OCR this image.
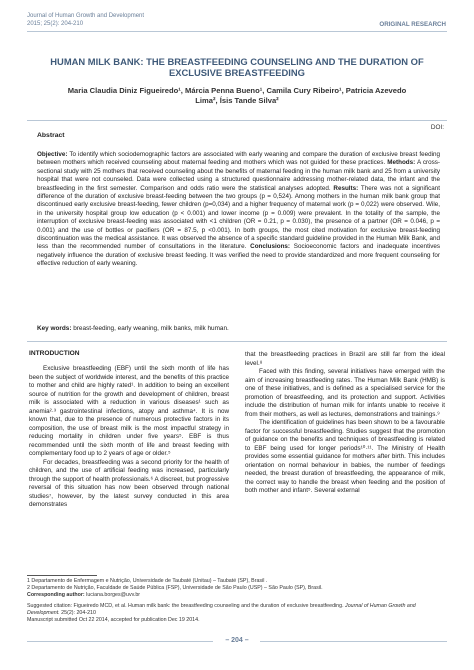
Journal of Human Growth and Development
2015; 25(2): 204-210	ORIGINAL RESEARCH
HUMAN MILK BANK: THE BREASTFEEDING COUNSELING AND THE DURATION OF EXCLUSIVE BREASTFEEDING
Maria Claudia Diniz Figueiredo¹, Márcia Penna Bueno¹, Camila Cury Ribeiro¹, Patricia Azevedo Lima², Ísis Tande Silva²
DOI:
Abstract
Objective: To identify which sociodemographic factors are associated with early weaning and compare the duration of exclusive breast feeding between mothers which received counseling about maternal feeding and mothers which was not guided for these practices. Methods: A cross-sectional study with 25 mothers that received counseling about the benefits of maternal feeding in the human milk bank and 25 from a university hospital that were not counseled. Data were collected using a structured questionnaire addressing mother-related data, the infant and the breastfeeding in the first semester. Comparison and odds ratio were the statistical analyses adopted. Results: There was not a significant difference of the duration of exclusive breast-feeding between the two groups (p = 0,524). Among mothers in the human milk bank group that discontinued early exclusive breast-feeding, fewer children (p=0,034) and a higher frequency of maternal work (p = 0,022) were observed. Wile, in the university hospital group low education (p < 0.001) and lower income (p = 0.009) were prevalent. In the totality of the sample, the interruption of exclusive breast-feeding was associated with <1 children (OR = 0.21, p = 0.030), the presence of a partner (OR = 0.046, p = 0.001) and the use of bottles or pacifiers (OR = 87.5, p <0.001). In both groups, the most cited motivation for exclusive breast-feeding discontinuation was the medical assistance. It was observed the absence of a specific standard guideline provided in the Human Milk Bank, and less than the recommended number of consultations in the literature. Conclusions: Socioeconomic factors and inadequate incentives negatively influence the duration of exclusive breast feeding. It was verified the need to provide standardized and more frequent counseling for effective reduction of early weaning.
Key words: breast-feeding, early weaning, milk banks, milk human.
INTRODUCTION

Exclusive breastfeeding (EBF) until the sixth month of life has been the subject of worldwide interest, and the benefits of this practice to mother and child are highly rated¹. In addition to being an excellent source of nutrition for the growth and development of children, breast milk is associated with a reduction in various diseases¹ such as anemia²·³ gastrointestinal infections, atopy and asthma⁴. It is now known that, due to the presence of numerous protective factors in its composition, the use of breast milk is the most impactful strategy in reducing mortality in children under five years⁵. EBF is thus recommended until the sixth month of life and breast feeding with complementary food up to 2 years of age or older.⁵

For decades, breastfeeding was a second priority for the health of children, and the use of artificial feeding was increased, particularly through the support of health professionals.⁶ A discreet, but progressive reversal of this situation has now been observed through national studies⁷, however, by the latest survey conducted in this area demonstrates

that the breastfeeding practices in Brazil are still far from the ideal level.⁸

Faced with this finding, several initiatives have emerged with the aim of increasing breastfeeding rates. The Human Milk Bank (HMB) is one of these initiatives, and is defined as a specialised service for the promotion of breastfeeding, and its protection and support. Activities include the distribution of human milk for infants unable to receive it from their mothers, as well as lectures, demonstrations and trainings.⁹

The identification of guidelines has been shown to be a favourable factor for successful breastfeeding. Studies suggest that the promotion of guidance on the benefits and techniques of breastfeeding is related to EBF being used for longer periods¹⁰·¹¹. The Ministry of Health provides some essential guidance for mothers after birth. This includes orientation on normal behaviour in babies, the number of feedings needed, the breast duration of breastfeeding, the appearance of milk, the correct way to handle the breast when feeding and the position of both mother and infant⁵. Several external

1 Departamento de Enfermagem e Nutrição, Universidade de Taubaté (Unitau) – Taubaté (SP), Brasil .
2 Departamento de Nutrição, Faculdade de Saúde Pública (FSP), Universidade de São Paulo (USP) – São Paulo (SP), Brasil.
Corresponding author: luciana.borges@uvv.br
Suggested citation: Figueiredo MCD, et al. Human milk bank: the breastfeeding counseling and the duration of exclusive breastfeeding. Journal of Human Growth and Development. 25(2): 204-210
Manuscript submitted Oct 22 2014, accepted for publication Dec 19 2014.
– 204 –
